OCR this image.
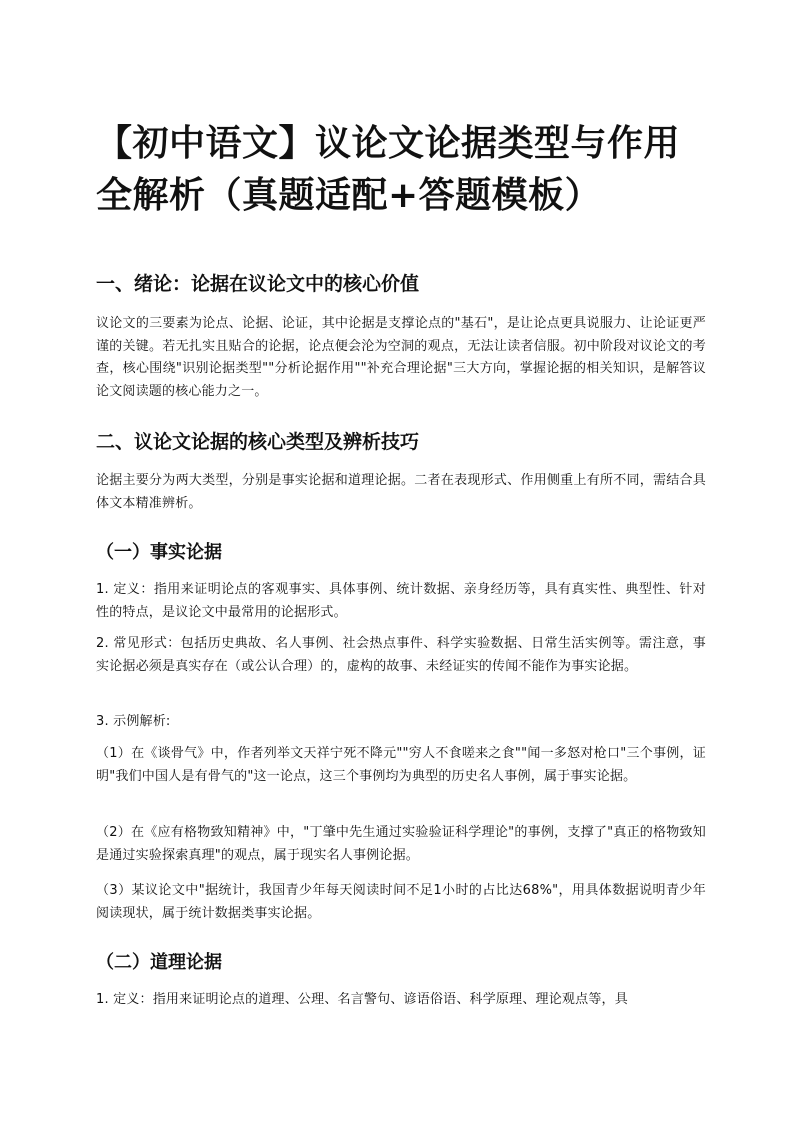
【初中语文】议论文论据类型与作用全解析（真题适配+答题模板）
一、绪论：论据在议论文中的核心价值

议论文的三要素为论点、论据、论证，其中论据是支撑论点的"基石"，是让论点更具说服力、让论证更严谨的关键。若无扎实且贴合的论据，论点便会沦为空洞的观点，无法让读者信服。初中阶段对议论文的考查，核心围绕"识别论据类型""分析论据作用""补充合理论据"三大方向，掌握论据的相关知识，是解答议论文阅读题的核心能力之一。

二、议论文论据的核心类型及辨析技巧

论据主要分为两大类型，分别是事实论据和道理论据。二者在表现形式、作用侧重上有所不同，需结合具体文本精准辨析。

（一）事实论据

1. 定义：指用来证明论点的客观事实、具体事例、统计数据、亲身经历等，具有真实性、典型性、针对性的特点，是议论文中最常用的论据形式。

2. 常见形式：包括历史典故、名人事例、社会热点事件、科学实验数据、日常生活实例等。需注意，事实论据必须是真实存在（或公认合理）的，虚构的故事、未经证实的传闻不能作为事实论据。

3. 示例解析:

（1）在《谈骨气》中，作者列举文天祥宁死不降元""穷人不食嗟来之食""闻一多怒对枪口"三个事例，证明"我们中国人是有骨气的"这一论点，这三个事例均为典型的历史名人事例，属于事实论据。

（2）在《应有格物致知精神》中，"丁肇中先生通过实验验证科学理论"的事例，支撑了"真正的格物致知是通过实验探索真理"的观点，属于现实名人事例论据。

（3）某议论文中"据统计，我国青少年每天阅读时间不足1小时的占比达68%"，用具体数据说明青少年阅读现状，属于统计数据类事实论据。

（二）道理论据

1. 定义：指用来证明论点的道理、公理、名言警句、谚语俗语、科学原理、理论观点等，具
